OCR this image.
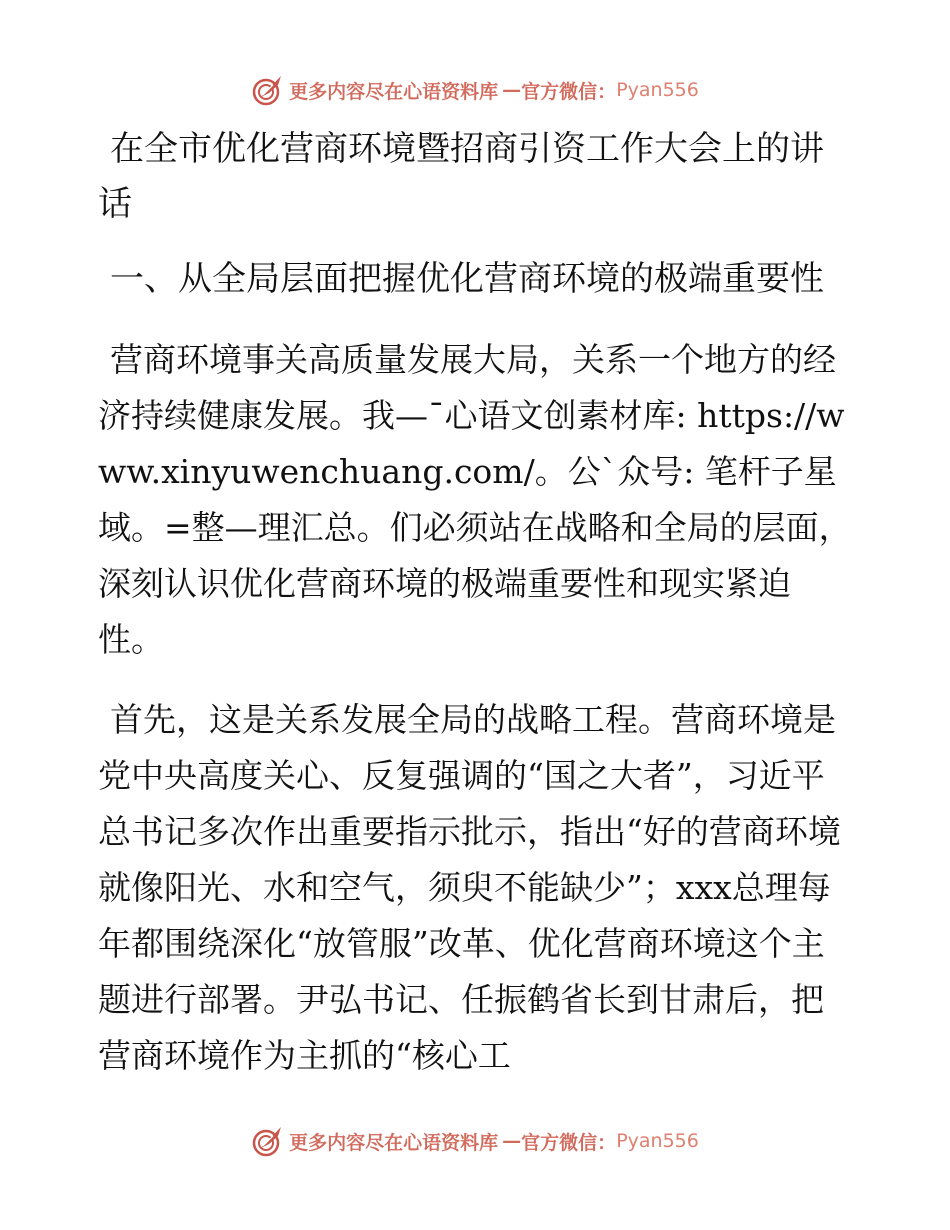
更多内容尽在心语资料库 — 官方微信： Pyan556
在全市优化营商环境暨招商引资工作大会上的讲话
一、从全局层面把握优化营商环境的极端重要性

营商环境事关高质量发展大局，关系一个地方的经济持续健康发展。我—¯心语文创素材库: https://www.xinyuwenchuang.com/。公`众号: 笔杆子星域。=整—理汇总。们必须站在战略和全局的层面，深刻认识优化营商环境的极端重要性和现实紧迫性。

首先，这是关系发展全局的战略工程。营商环境是党中央高度关心、反复强调的“国之大者”，习近平总书记多次作出重要指示批示，指出“好的营商环境就像阳光、水和空气，须臾不能缺少”；xxx总理每年都围绕深化“放管服”改革、优化营商环境这个主题进行部署。尹弘书记、任振鹤省长到甘肃后，把营商环境作为主抓的“核心工

更多内容尽在心语资料库 — 官方微信： Pyan556
